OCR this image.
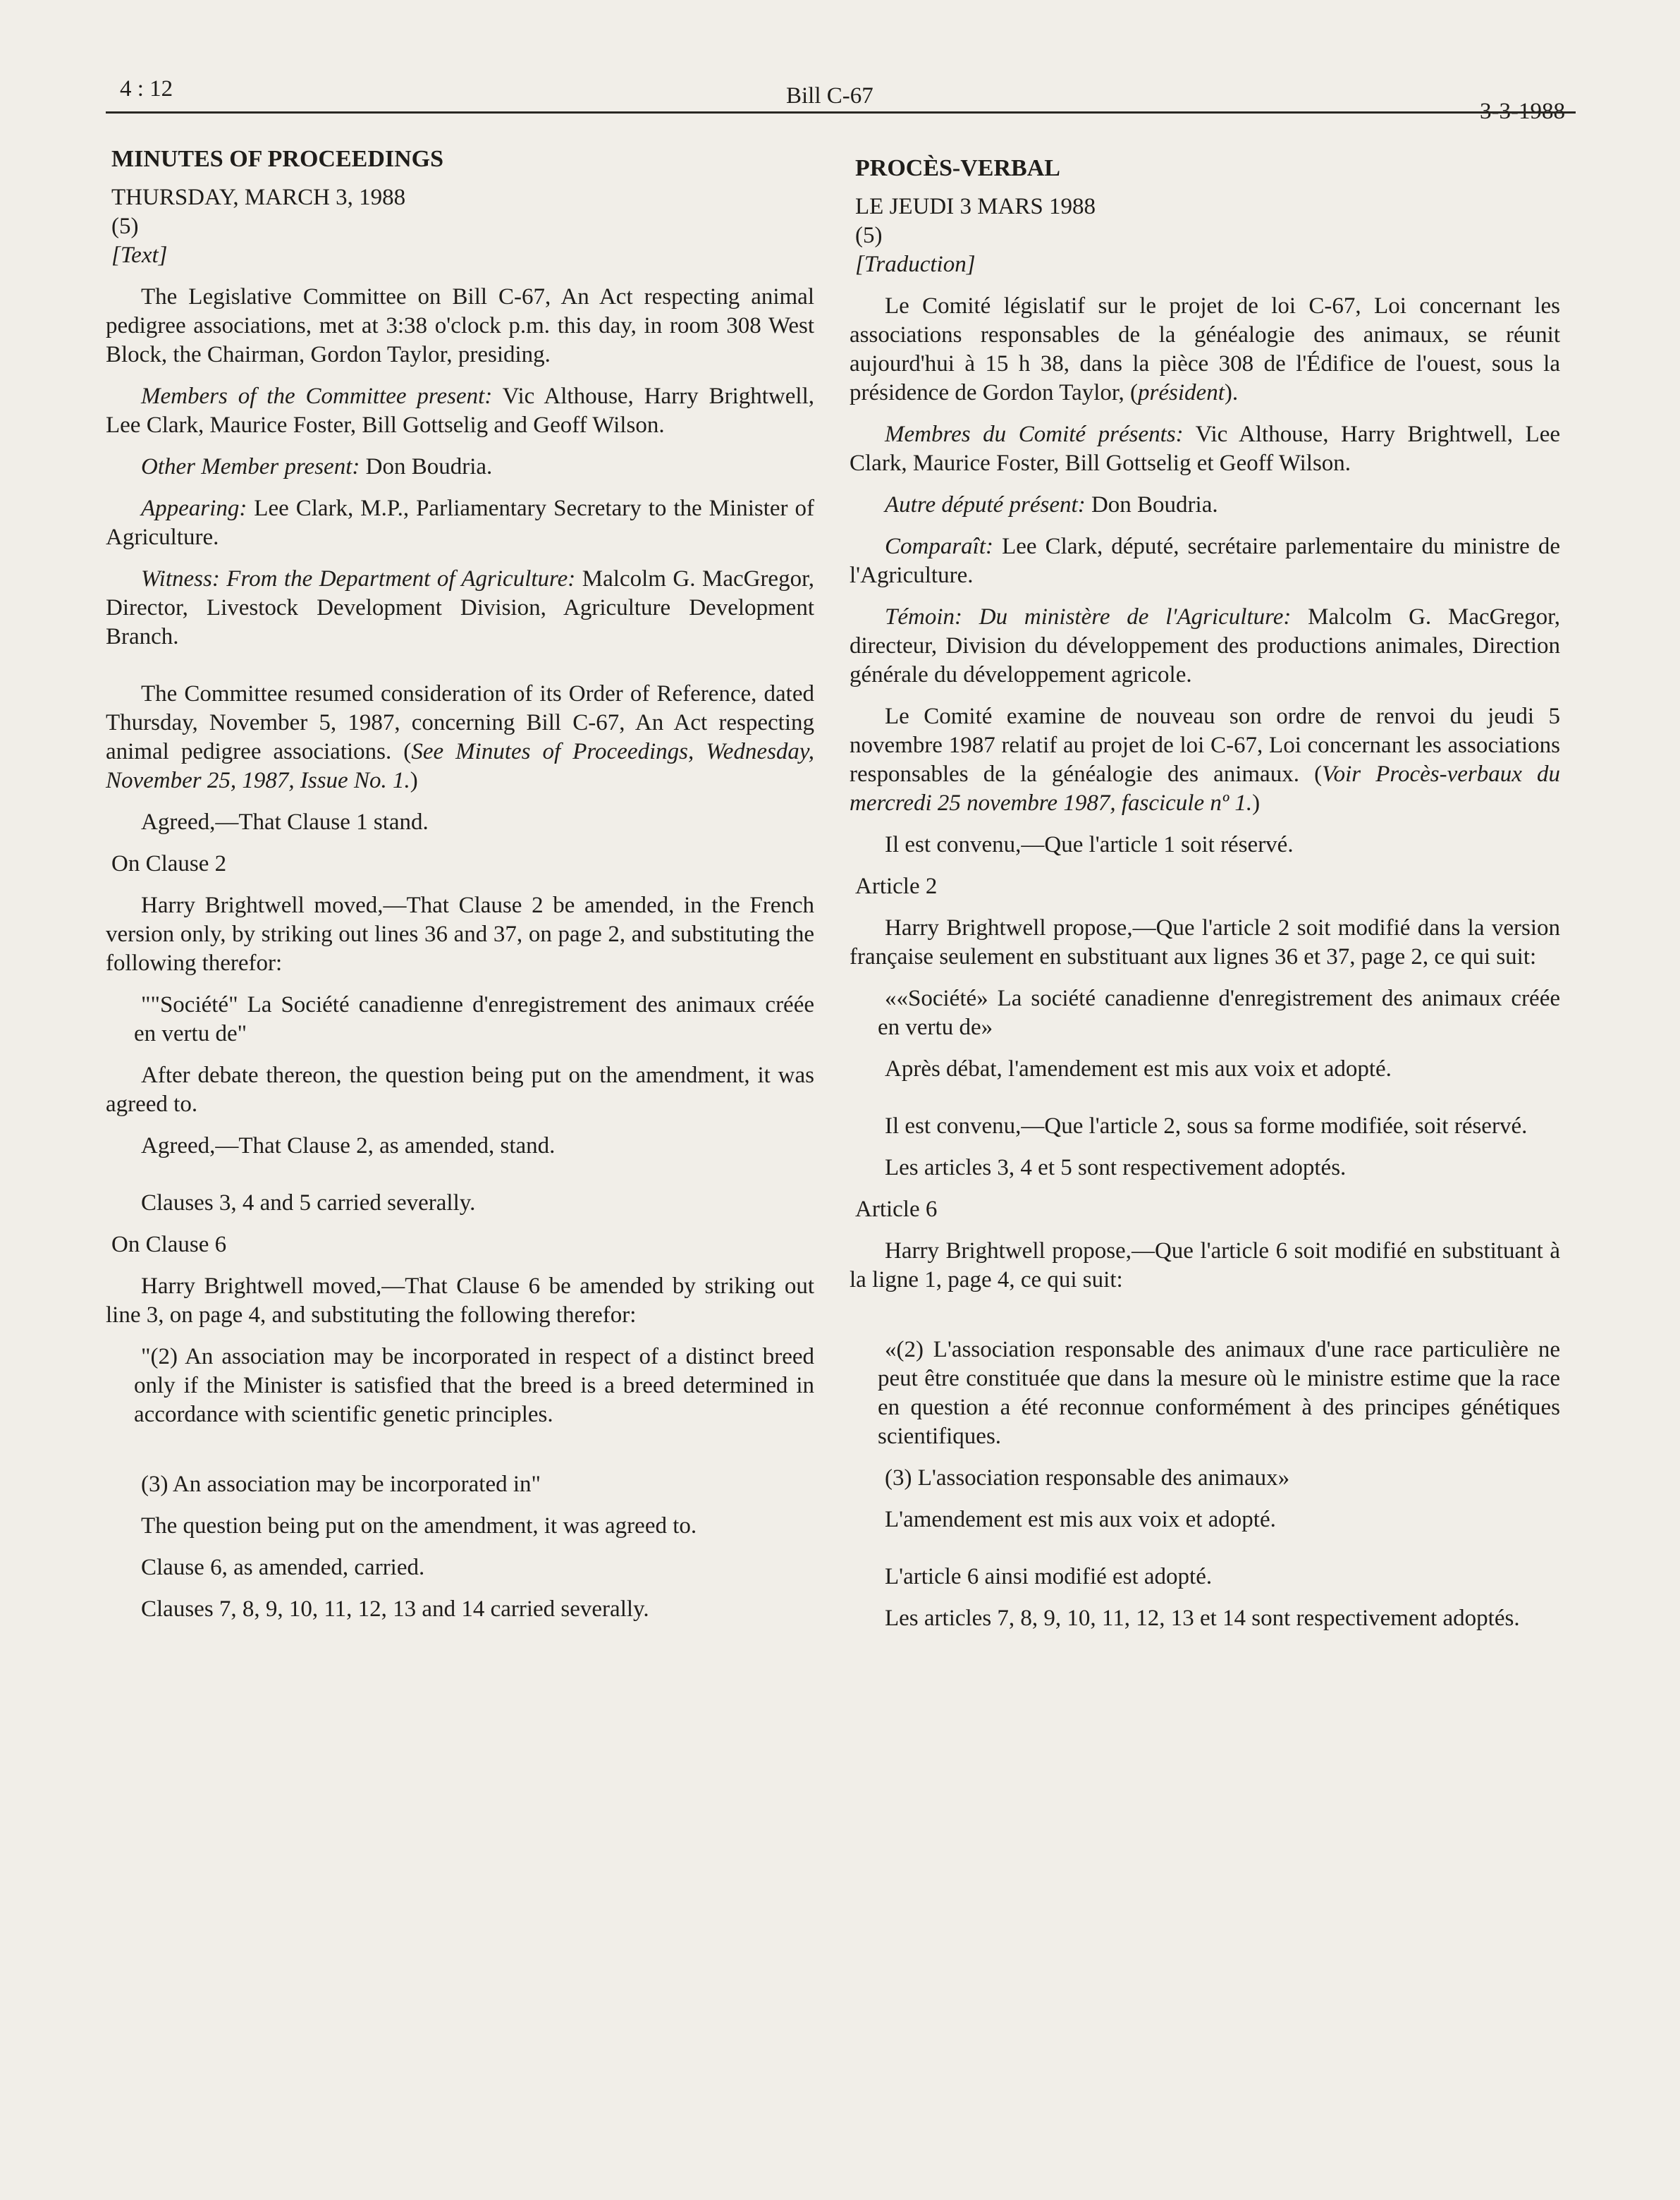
4 : 12	Bill C-67
3-3-1988

MINUTES OF PROCEEDINGS

THURSDAY, MARCH 3, 1988

(5)

[Text]

The Legislative Committee on Bill C-67, An Act respecting animal pedigree associations, met at 3:38 o'clock p.m. this day, in room 308 West Block, the Chairman, Gordon Taylor, presiding.

Members of the Committee present: Vic Althouse, Harry Brightwell, Lee Clark, Maurice Foster, Bill Gottselig and Geoff Wilson.

Other Member present: Don Boudria.

Appearing: Lee Clark, M.P., Parliamentary Secretary to the Minister of Agriculture.

Witness: From the Department of Agriculture: Malcolm G. MacGregor, Director, Livestock Development Division, Agriculture Development Branch.

The Committee resumed consideration of its Order of Reference, dated Thursday, November 5, 1987, concerning Bill C-67, An Act respecting animal pedigree associations. (See Minutes of Proceedings, Wednesday, November 25, 1987, Issue No. 1.)

Agreed,—That Clause 1 stand.

On Clause 2

Harry Brightwell moved,—That Clause 2 be amended, in the French version only, by striking out lines 36 and 37, on page 2, and substituting the following therefor:

""Société" La Société canadienne d'enregistrement des animaux créée en vertu de"

After debate thereon, the question being put on the amendment, it was agreed to.

Agreed,—That Clause 2, as amended, stand.

Clauses 3, 4 and 5 carried severally.

On Clause 6

Harry Brightwell moved,—That Clause 6 be amended by striking out line 3, on page 4, and substituting the following therefor:

"(2) An association may be incorporated in respect of a distinct breed only if the Minister is satisfied that the breed is a breed determined in accordance with scientific genetic principles.

(3) An association may be incorporated in"

The question being put on the amendment, it was agreed to.

Clause 6, as amended, carried.

Clauses 7, 8, 9, 10, 11, 12, 13 and 14 carried severally.

PROCÈS-VERBAL

LE JEUDI 3 MARS 1988

(5)

[Traduction]

Le Comité législatif sur le projet de loi C-67, Loi concernant les associations responsables de la généalogie des animaux, se réunit aujourd'hui à 15 h 38, dans la pièce 308 de l'Édifice de l'ouest, sous la présidence de Gordon Taylor, (président).

Membres du Comité présents: Vic Althouse, Harry Brightwell, Lee Clark, Maurice Foster, Bill Gottselig et Geoff Wilson.

Autre député présent: Don Boudria.

Comparaît: Lee Clark, député, secrétaire parlementaire du ministre de l'Agriculture.

Témoin: Du ministère de l'Agriculture: Malcolm G. MacGregor, directeur, Division du développement des productions animales, Direction générale du développement agricole.

Le Comité examine de nouveau son ordre de renvoi du jeudi 5 novembre 1987 relatif au projet de loi C-67, Loi concernant les associations responsables de la généalogie des animaux. (Voir Procès-verbaux du mercredi 25 novembre 1987, fascicule nº 1.)

Il est convenu,—Que l'article 1 soit réservé.

Article 2

Harry Brightwell propose,—Que l'article 2 soit modifié dans la version française seulement en substituant aux lignes 36 et 37, page 2, ce qui suit:

««Société» La société canadienne d'enregistrement des animaux créée en vertu de»

Après débat, l'amendement est mis aux voix et adopté.

Il est convenu,—Que l'article 2, sous sa forme modifiée, soit réservé.

Les articles 3, 4 et 5 sont respectivement adoptés.

Article 6

Harry Brightwell propose,—Que l'article 6 soit modifié en substituant à la ligne 1, page 4, ce qui suit:

«(2) L'association responsable des animaux d'une race particulière ne peut être constituée que dans la mesure où le ministre estime que la race en question a été reconnue conformément à des principes génétiques scientifiques.

(3) L'association responsable des animaux»

L'amendement est mis aux voix et adopté.

L'article 6 ainsi modifié est adopté.

Les articles 7, 8, 9, 10, 11, 12, 13 et 14 sont respectivement adoptés.
